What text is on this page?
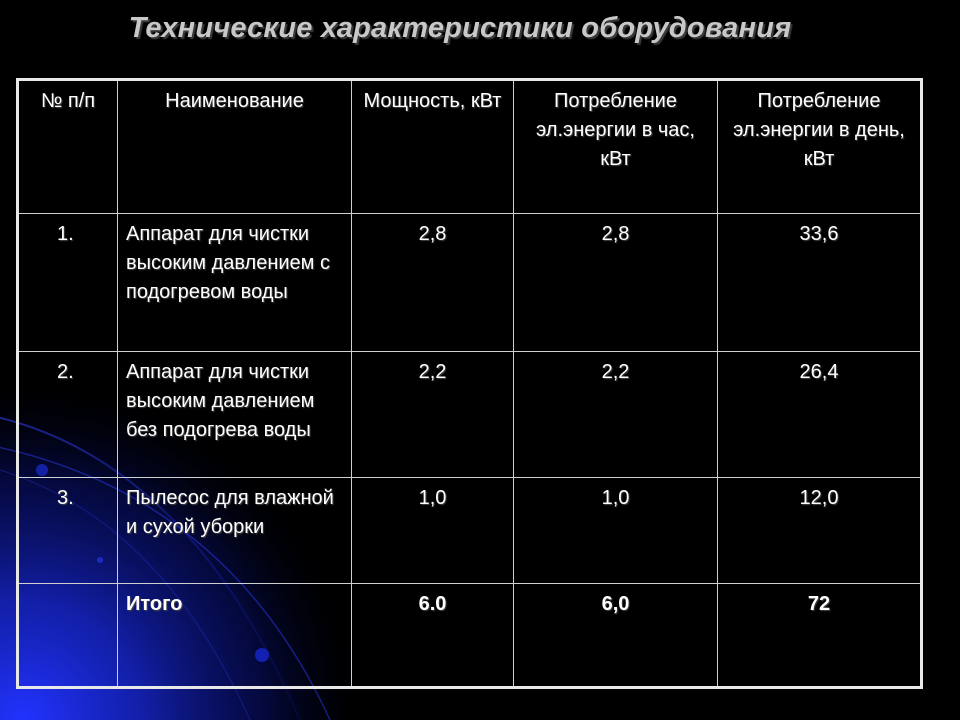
Технические характеристики оборудования
№ п/п	Наименование	Мощность, кВт	Потребление эл.энергии в час, кВт	Потребление эл.энергии в день, кВт
1.	Аппарат для чистки высоким давлением с подогревом воды	2,8	2,8	33,6
2.	Аппарат для чистки высоким давлением без подогрева воды	2,2	2,2	26,4
3.	Пылесос для влажной и сухой уборки	1,0	1,0	12,0
	Итого	6.0	6,0	72
